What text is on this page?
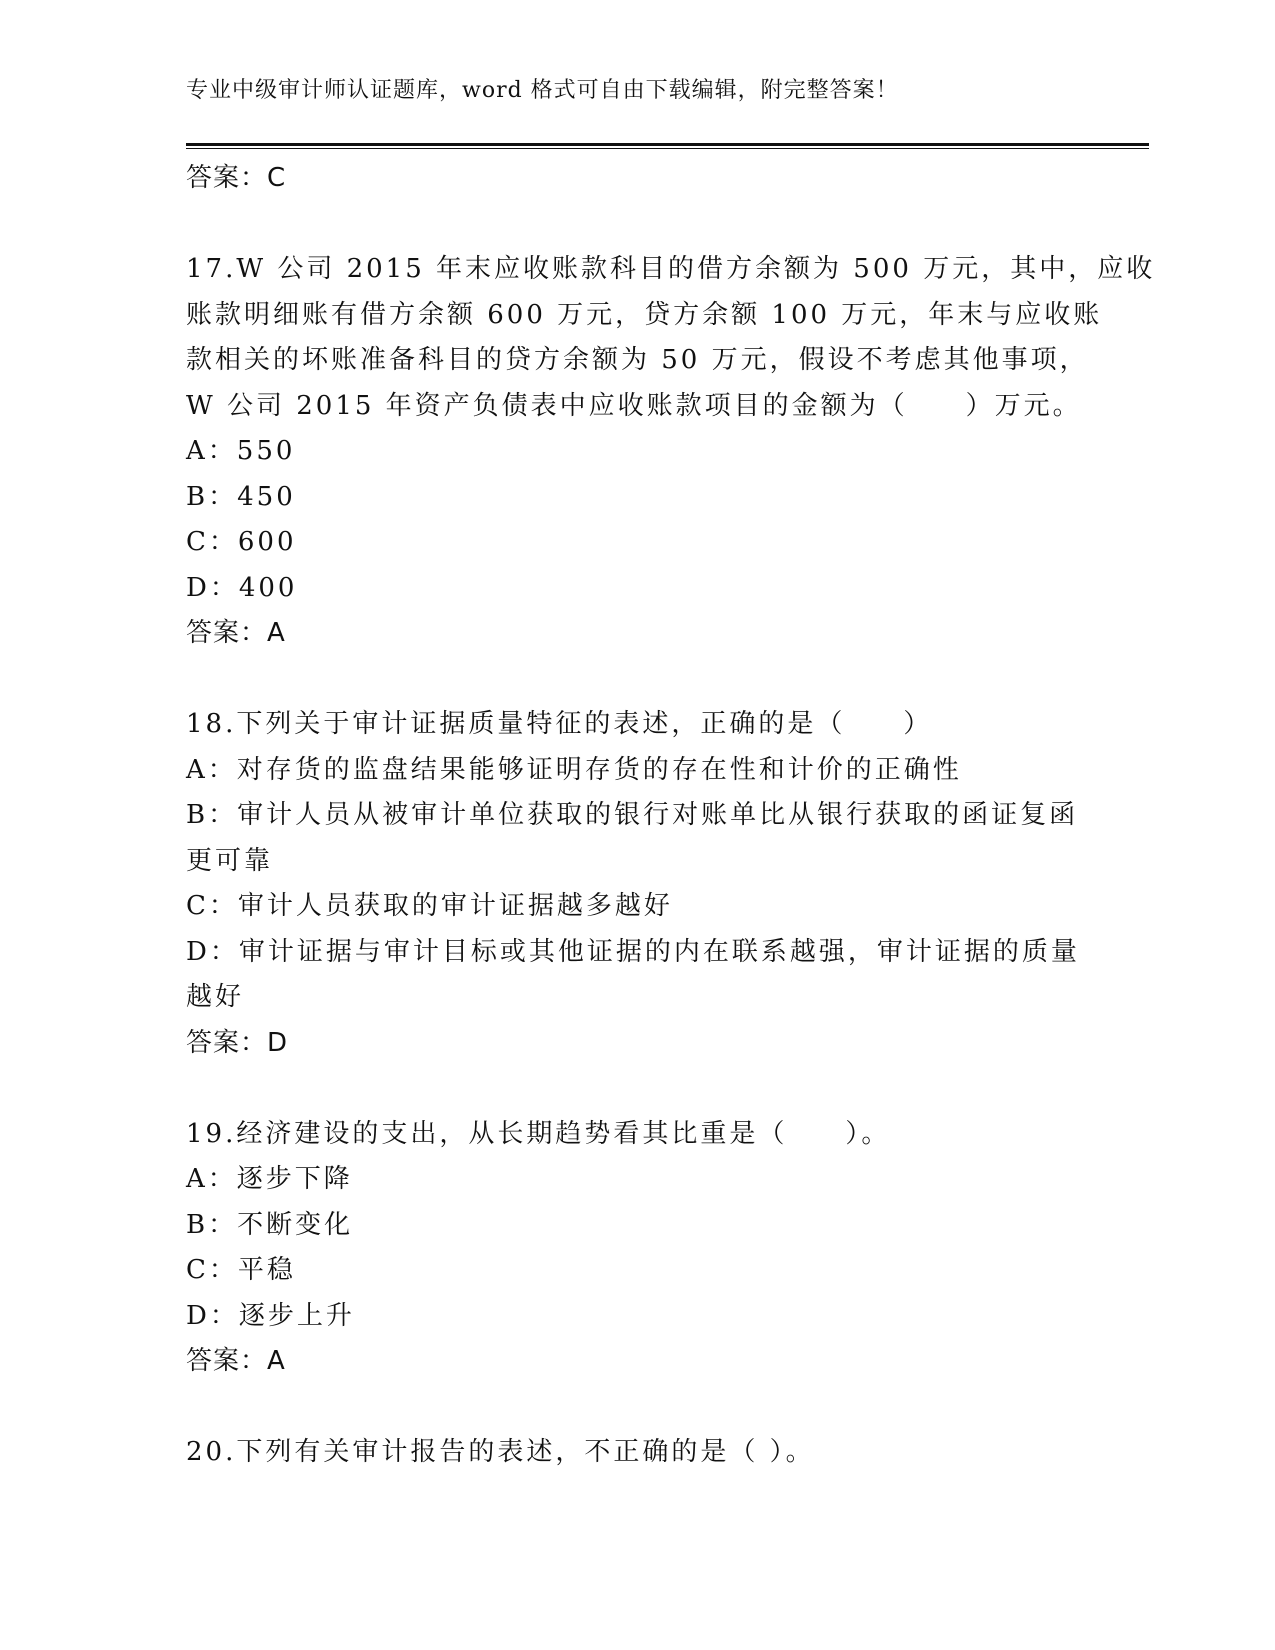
专业中级审计师认证题库，word 格式可自由下载编辑，附完整答案！
答案：C
17.W 公司 2015 年末应收账款科目的借方余额为 500 万元，其中，应收
账款明细账有借方余额 600 万元，贷方余额 100 万元，年末与应收账
款相关的坏账准备科目的贷方余额为 50 万元，假设不考虑其他事项，
W 公司 2015 年资产负债表中应收账款项目的金额为（　　）万元。
A：550
B：450
C：600
D：400
答案：A
18.下列关于审计证据质量特征的表述，正确的是（　　）
A：对存货的监盘结果能够证明存货的存在性和计价的正确性
B：审计人员从被审计单位获取的银行对账单比从银行获取的函证复函
更可靠
C：审计人员获取的审计证据越多越好
D：审计证据与审计目标或其他证据的内在联系越强，审计证据的质量
越好
答案：D
19.经济建设的支出，从长期趋势看其比重是（　　）。
A：逐步下降
B：不断变化
C：平稳
D：逐步上升
答案：A
20.下列有关审计报告的表述，不正确的是（ ）。
